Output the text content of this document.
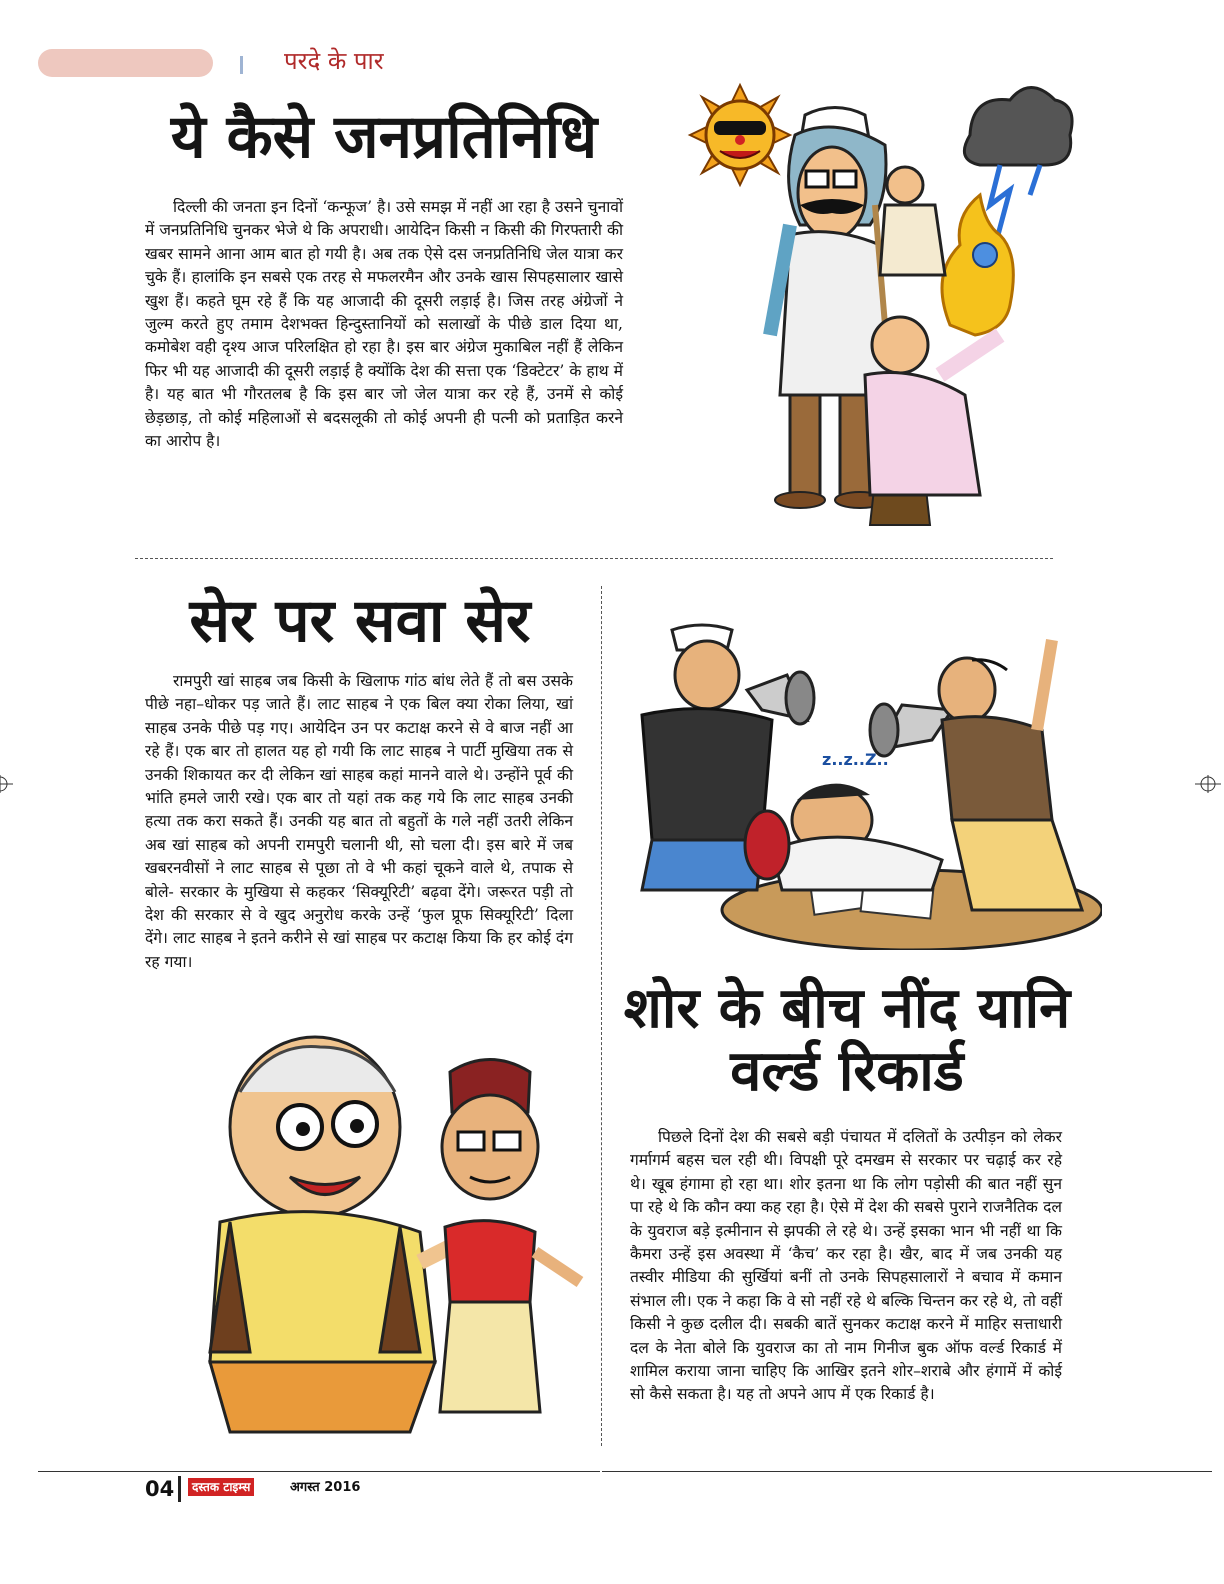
परदे के पार
ये कैसे जनप्रतिनिधि

दिल्ली की जनता इन दिनों ‘कन्फूज’ है। उसे समझ में नहीं आ रहा है उसने चुनावों में जनप्रतिनिधि चुनकर भेजे थे कि अपराधी। आयेदिन किसी न किसी की गिरफ्तारी की खबर सामने आना आम बात हो गयी है। अब तक ऐसे दस जनप्रतिनिधि जेल यात्रा कर चुके हैं। हालांकि इन सबसे एक तरह से मफलरमैन और उनके खास सिपहसालार खासे खुश हैं। कहते घूम रहे हैं कि यह आजादी की दूसरी लड़ाई है। जिस तरह अंग्रेजों ने जुल्म करते हुए तमाम देशभक्त हिन्दुस्तानियों को सलाखों के पीछे डाल दिया था, कमोबेश वही दृश्य आज परिलक्षित हो रहा है। इस बार अंग्रेज मुकाबिल नहीं हैं लेकिन फिर भी यह आजादी की दूसरी लड़ाई है क्योंकि देश की सत्ता एक ‘डिक्टेटर’ के हाथ में है। यह बात भी गौरतलब है कि इस बार जो जेल यात्रा कर रहे हैं, उनमें से कोई छेड़छाड़, तो कोई महिलाओं से बदसलूकी तो कोई अपनी ही पत्नी को प्रताड़ित करने का आरोप है।

सेर पर सवा सेर

रामपुरी खां साहब जब किसी के खिलाफ गांठ बांध लेते हैं तो बस उसके पीछे नहा–धोकर पड़ जाते हैं। लाट साहब ने एक बिल क्या रोका लिया, खां साहब उनके पीछे पड़ गए। आयेदिन उन पर कटाक्ष करने से वे बाज नहीं आ रहे हैं। एक बार तो हालत यह हो गयी कि लाट साहब ने पार्टी मुखिया तक से उनकी शिकायत कर दी लेकिन खां साहब कहां मानने वाले थे। उन्होंने पूर्व की भांति हमले जारी रखे। एक बार तो यहां तक कह गये कि लाट साहब उनकी हत्या तक करा सकते हैं। उनकी यह बात तो बहुतों के गले नहीं उतरी लेकिन अब खां साहब को अपनी रामपुरी चलानी थी, सो चला दी। इस बारे में जब खबरनवीसों ने लाट साहब से पूछा तो वे भी कहां चूकने वाले थे, तपाक से बोले- सरकार के मुखिया से कहकर ‘सिक्यूरिटी’ बढ़वा देंगे। जरूरत पड़ी तो देश की सरकार से वे खुद अनुरोध करके उन्हें ‘फुल प्रूफ सिक्यूरिटी’ दिला देंगे। लाट साहब ने इतने करीने से खां साहब पर कटाक्ष किया कि हर कोई दंग रह गया।

z..z..Z..
शोर के बीच नींद यानि
वर्ल्ड रिकार्ड

पिछले दिनों देश की सबसे बड़ी पंचायत में दलितों के उत्पीड़न को लेकर गर्मागर्म बहस चल रही थी। विपक्षी पूरे दमखम से सरकार पर चढ़ाई कर रहे थे। खूब हंगामा हो रहा था। शोर इतना था कि लोग पड़ोसी की बात नहीं सुन पा रहे थे कि कौन क्या कह रहा है। ऐसे में देश की सबसे पुराने राजनैतिक दल के युवराज बड़े इत्मीनान से झपकी ले रहे थे। उन्हें इसका भान भी नहीं था कि कैमरा उन्हें इस अवस्था में ‘कैच’ कर रहा है। खैर, बाद में जब उनकी यह तस्वीर मीडिया की सुर्खियां बनीं तो उनके सिपहसालारों ने बचाव में कमान संभाल ली। एक ने कहा कि वे सो नहीं रहे थे बल्कि चिन्तन कर रहे थे, तो वहीं किसी ने कुछ दलील दी। सबकी बातें सुनकर कटाक्ष करने में माहिर सत्ताधारी दल के नेता बोले कि युवराज का तो नाम गिनीज बुक ऑफ वर्ल्ड रिकार्ड में शामिल कराया जाना चाहिए कि आखिर इतने शोर–शराबे और हंगामें में कोई सो कैसे सकता है। यह तो अपने आप में एक रिकार्ड है।

04	दस्तक टाइम्स	अगस्त 2016
